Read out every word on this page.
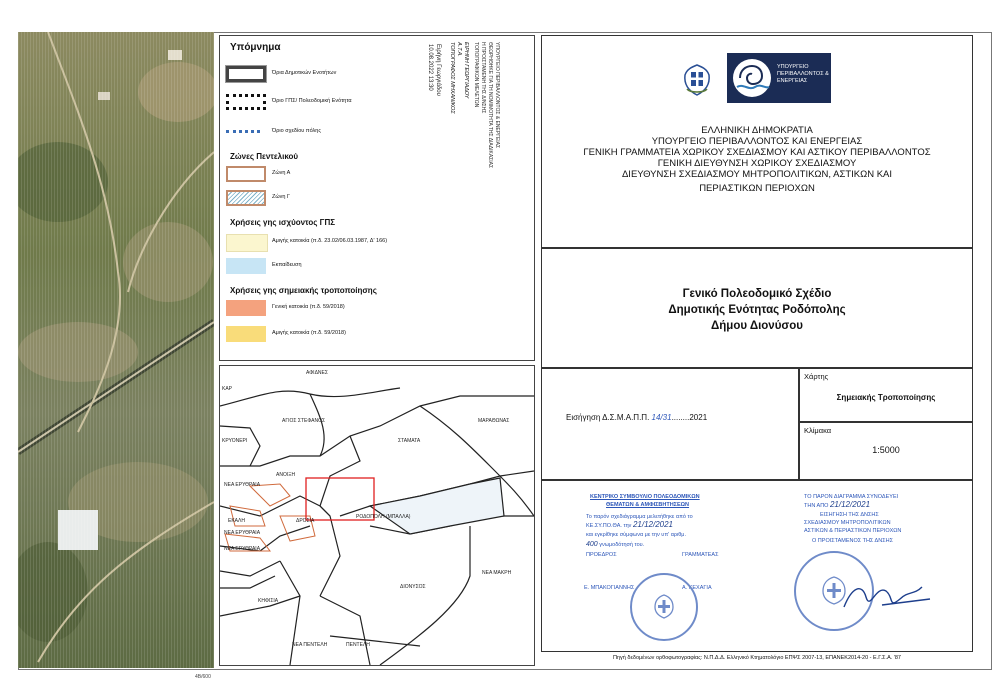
4B/600
Υπόμνημα
Όρια Δημοτικών Ενοτήτων
Όριο ΓΠΣ/ Πολεοδομική Ενότητα
Όριο σχεδίου πόλης
Ζώνες Πεντελικού
Ζώνη Α
Ζώνη Γ
Χρήσεις γης ισχύοντος ΓΠΣ
Αμιγής κατοικία (π.δ. 23.02/06.03.1987, Δ' 166)
Εκπαίδευση
Χρήσεις γης σημειακής τροποποίησης
Γενική κατοικία (π.δ. 59/2018)
Αμιγής κατοικία (π.δ. 59/2018)
Ειρήνη Γεωργιάδου
10.08.2022 13:30	ΕΙΡΗΝΗ ΓΕΩΡΓΙΑΔΟΥ
Α.Τ.Α.
ΤΟΠΟΓΡΑΦΟΣ ΜΗΧΑΝΙΚΟΣ	ΥΠΟΥΡΓΕΙΟ ΠΕΡΙΒΑΛΛΟΝΤΟΣ & ΕΝΕΡΓΕΙΑΣ
ΘΕΩΡΗΘΗΚΕ ΓΙΑ ΤΗ ΝΟΜΙΜΟΤΗΤΑ ΤΗΣ ΔΙΑΔΙΚΑΣΙΑΣ
Η ΠΡΟΙΣΤΑΜΕΝΗ ΤΗΣ Δ/ΝΣΗΣ
ΤΟΠΟΓΡΑΦΙΚΩΝ ΜΕΛΕΤΩΝ
ΚΑΡ
ΑΦΙΔΝΕΣ
ΑΓΙΟΣ ΣΤΕΦΑΝΟΣ
ΚΡΥΟΝΕΡΙ
ΜΑΡΑΘΩΝΑΣ
ΣΤΑΜΑΤΑ
ΑΝΟΙΞΗ
ΝΕΑ ΕΡΥΘΡΑΙΑ
ΕΚΑΛΗ	ΔΡΟΣΙΑ
ΡΟΔΟΠΟΛΗ (ΜΠΑΛΛΑ)
ΝΕΑ ΕΡΥΘΡΑΙΑ
ΝΕΑ ΕΡΥΘΡΑΙΑ
ΔΙΟΝΥΣΟΣ
ΝΕΑ ΜΑΚΡΗ
ΚΗΦΙΣΙΑ
ΝΕΑ ΠΕΝΤΕΛΗ	ΠΕΝΤΕΛΗ
ΥΠΟΥΡΓΕΙΟ ΠΕΡΙΒΑΛΛΟΝΤΟΣ & ΕΝΕΡΓΕΙΑΣ
ΕΛΛΗΝΙΚΗ ΔΗΜΟΚΡΑΤΙΑ
ΥΠΟΥΡΓΕΙΟ ΠΕΡΙΒΑΛΛΟΝΤΟΣ ΚΑΙ ΕΝΕΡΓΕΙΑΣ
ΓΕΝΙΚΗ ΓΡΑΜΜΑΤΕΙΑ ΧΩΡΙΚΟΥ ΣΧΕΔΙΑΣΜΟΥ ΚΑΙ ΑΣΤΙΚΟΥ ΠΕΡΙΒΑΛΛΟΝΤΟΣ
ΓΕΝΙΚΗ ΔΙΕΥΘΥΝΣΗ ΧΩΡΙΚΟΥ ΣΧΕΔΙΑΣΜΟΥ
ΔΙΕΥΘΥΝΣΗ ΣΧΕΔΙΑΣΜΟΥ ΜΗΤΡΟΠΟΛΙΤΙΚΩΝ, ΑΣΤΙΚΩΝ ΚΑΙ
ΠΕΡΙΑΣΤΙΚΩΝ ΠΕΡΙΟΧΩΝ
Γενικό Πολεοδομικό Σχέδιο
Δημοτικής Ενότητας Ροδόπολης
Δήμου Διονύσου
Εισήγηση Δ.Σ.Μ.Α.Π.Π. 14/31........2021
Χάρτης
Σημειακής Τροποποίησης
Κλίμακα
1:5000
ΚΕΝΤΡΙΚΟ ΣΥΜΒΟΥΛΙΟ ΠΟΛΕΟΔΟΜΙΚΩΝ
ΘΕΜΑΤΩΝ & ΑΜΦΙΣΒΗΤΗΣΕΩΝ
Το παρόν σχεδιάγραμμα μελετήθηκε από το
ΚΕ.ΣΥ.ΠΟ.ΘΑ. την 21/12/2021
και εγκρίθηκε σύμφωνα με την υπ' αριθμ.
400 γνωμοδότησή του.
ΠΡΟΕΔΡΟΣ	ΓΡΑΜΜΑΤΕΑΣ
Ε. ΜΠΑΚΟΓΙΑΝΝΗΣ	Α. ΚΕΧΑΓΙΑ
ΤΟ ΠΑΡΟΝ ΔΙΑΓΡΑΜΜΑ ΣΥΝΟΔΕΥΕΙ
ΤΗΝ ΑΠΟ 21/12/2021
ΕΙΣΗΓΗΣΗ ΤΗΣ ΔΝΣΗΣ
ΣΧΕΔΙΑΣΜΟΥ ΜΗΤΡΟΠΟΛΙΤΙΚΩΝ
ΑΣΤΙΚΩΝ & ΠΕΡΙΑΣΤΙΚΩΝ ΠΕΡΙΟΧΩΝ
Ο ΠΡΟΙΣΤΑΜΕΝΟΣ ΤΗΣ ΔΝΣΗΣ
Πηγή δεδομένων ορθοφωτογραφίας: Ν.Π.Δ.Δ. Ελληνικό Κτηματολόγιο ΕΠΨΣ 2007-13, ΕΠΑΝΕΚ2014-20 - Ε.Γ.Σ.Α. '87
